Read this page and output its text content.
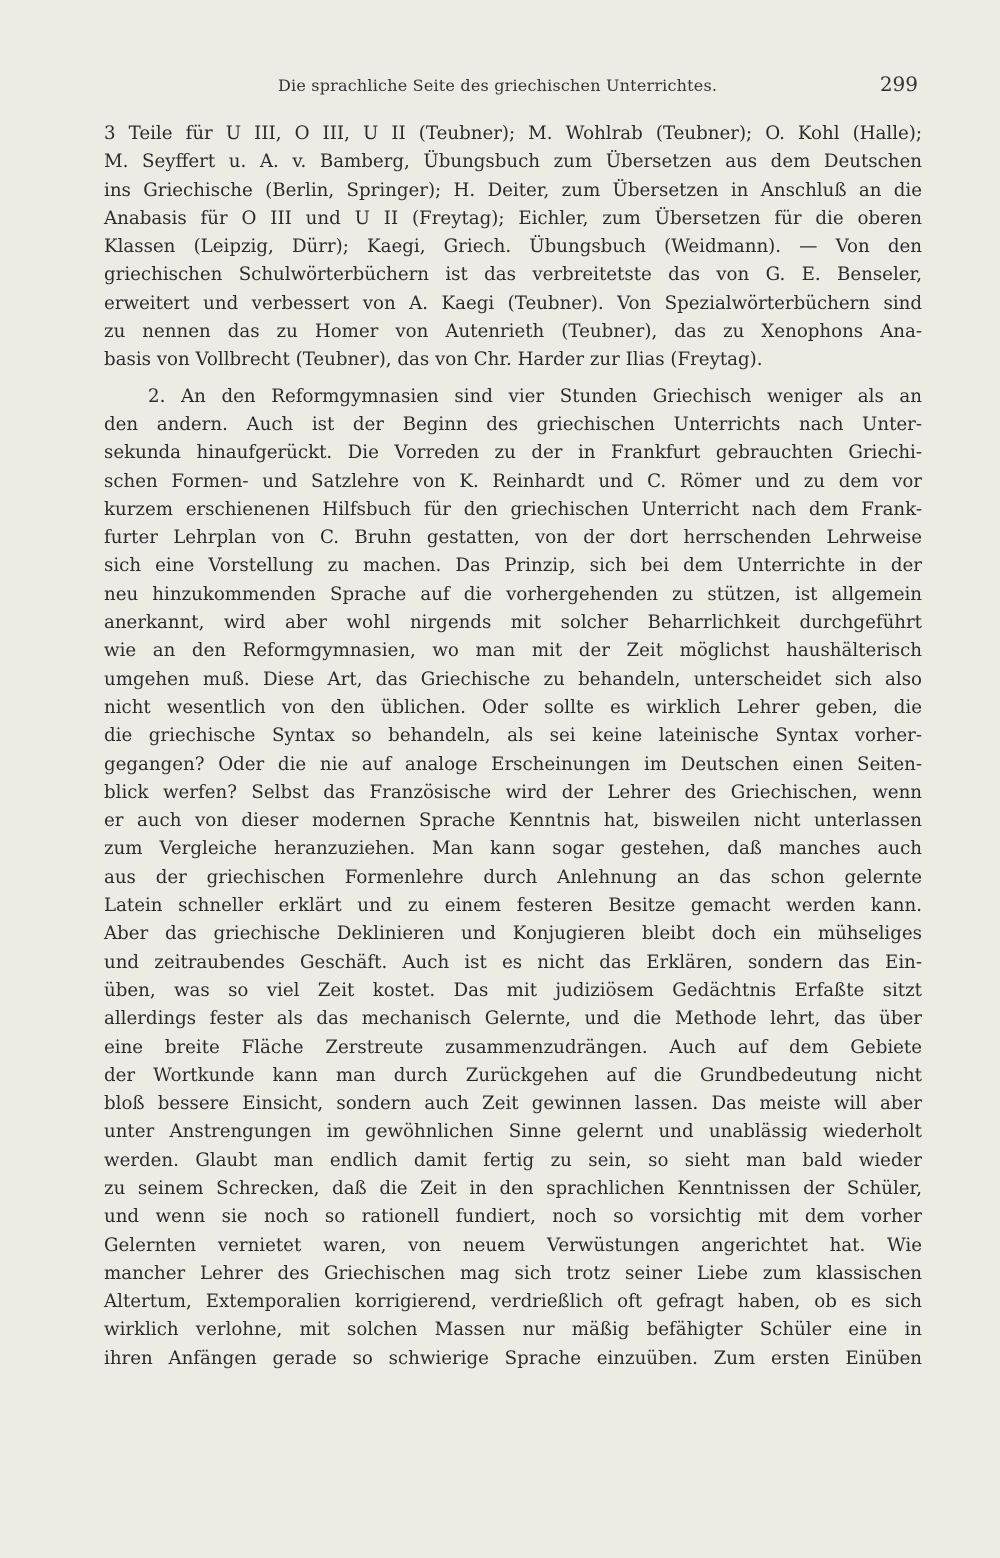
Die sprachliche Seite des griechischen Unterrichtes.	299
3 Teile für U III, O III, U II (Teubner); M. Wohlrab (Teubner); O. Kohl (Halle);
M. Seyffert u. A. v. Bamberg, Übungsbuch zum Übersetzen aus dem Deutschen
ins Griechische (Berlin, Springer); H. Deiter, zum Übersetzen in Anschluß an die
Anabasis für O III und U II (Freytag); Eichler, zum Übersetzen für die oberen
Klassen (Leipzig, Dürr); Kaegi, Griech. Übungsbuch (Weidmann). — Von den
griechischen Schulwörterbüchern ist das verbreitetste das von G. E. Benseler,
erweitert und verbessert von A. Kaegi (Teubner). Von Spezialwörterbüchern sind
zu nennen das zu Homer von Autenrieth (Teubner), das zu Xenophons Ana-
basis von Vollbrecht (Teubner), das von Chr. Harder zur Ilias (Freytag).
2. An den Reformgymnasien sind vier Stunden Griechisch weniger als an
den andern. Auch ist der Beginn des griechischen Unterrichts nach Unter-
sekunda hinaufgerückt. Die Vorreden zu der in Frankfurt gebrauchten Griechi-
schen Formen- und Satzlehre von K. Reinhardt und C. Römer und zu dem vor
kurzem erschienenen Hilfsbuch für den griechischen Unterricht nach dem Frank-
furter Lehrplan von C. Bruhn gestatten, von der dort herrschenden Lehrweise
sich eine Vorstellung zu machen. Das Prinzip, sich bei dem Unterrichte in der
neu hinzukommenden Sprache auf die vorhergehenden zu stützen, ist allgemein
anerkannt, wird aber wohl nirgends mit solcher Beharrlichkeit durchgeführt
wie an den Reformgymnasien, wo man mit der Zeit möglichst haushälterisch
umgehen muß. Diese Art, das Griechische zu behandeln, unterscheidet sich also
nicht wesentlich von den üblichen. Oder sollte es wirklich Lehrer geben, die
die griechische Syntax so behandeln, als sei keine lateinische Syntax vorher-
gegangen? Oder die nie auf analoge Erscheinungen im Deutschen einen Seiten-
blick werfen? Selbst das Französische wird der Lehrer des Griechischen, wenn
er auch von dieser modernen Sprache Kenntnis hat, bisweilen nicht unterlassen
zum Vergleiche heranzuziehen. Man kann sogar gestehen, daß manches auch
aus der griechischen Formenlehre durch Anlehnung an das schon gelernte
Latein schneller erklärt und zu einem festeren Besitze gemacht werden kann.
Aber das griechische Deklinieren und Konjugieren bleibt doch ein mühseliges
und zeitraubendes Geschäft. Auch ist es nicht das Erklären, sondern das Ein-
üben, was so viel Zeit kostet. Das mit judiziösem Gedächtnis Erfaßte sitzt
allerdings fester als das mechanisch Gelernte, und die Methode lehrt, das über
eine breite Fläche Zerstreute zusammenzudrängen. Auch auf dem Gebiete
der Wortkunde kann man durch Zurückgehen auf die Grundbedeutung nicht
bloß bessere Einsicht, sondern auch Zeit gewinnen lassen. Das meiste will aber
unter Anstrengungen im gewöhnlichen Sinne gelernt und unablässig wiederholt
werden. Glaubt man endlich damit fertig zu sein, so sieht man bald wieder
zu seinem Schrecken, daß die Zeit in den sprachlichen Kenntnissen der Schüler,
und wenn sie noch so rationell fundiert, noch so vorsichtig mit dem vorher
Gelernten vernietet waren, von neuem Verwüstungen angerichtet hat. Wie
mancher Lehrer des Griechischen mag sich trotz seiner Liebe zum klassischen
Altertum, Extemporalien korrigierend, verdrießlich oft gefragt haben, ob es sich
wirklich verlohne, mit solchen Massen nur mäßig befähigter Schüler eine in
ihren Anfängen gerade so schwierige Sprache einzuüben. Zum ersten Einüben
